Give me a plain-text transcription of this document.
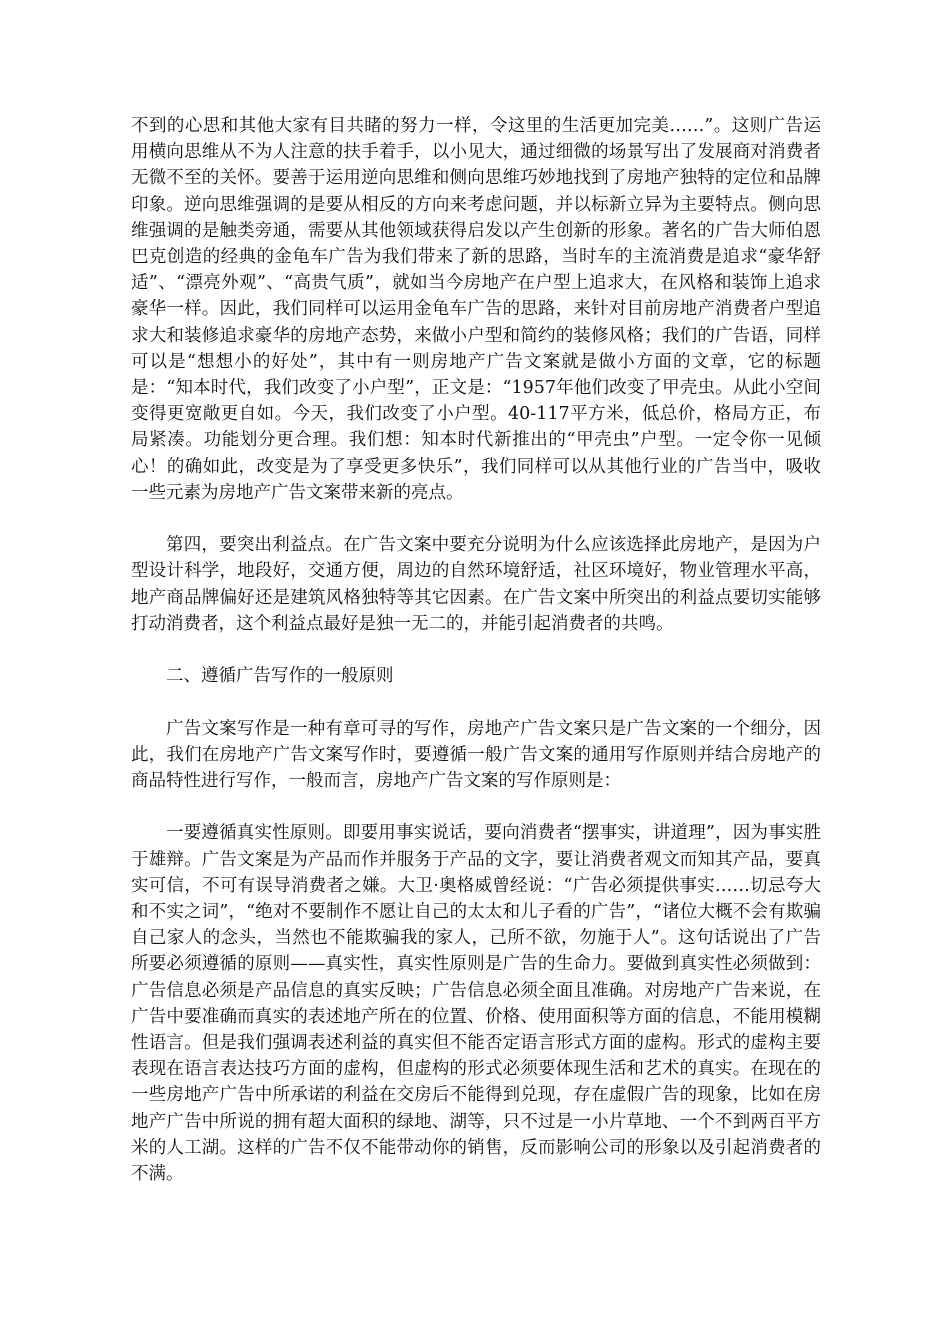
不到的心思和其他大家有目共睹的努力一样，令这里的生活更加完美……”。这则广告运用横向思维从不为人注意的扶手着手，以小见大，通过细微的场景写出了发展商对消费者无微不至的关怀。要善于运用逆向思维和侧向思维巧妙地找到了房地产独特的定位和品牌印象。逆向思维强调的是要从相反的方向来考虑问题，并以标新立异为主要特点。侧向思维强调的是触类旁通，需要从其他领域获得启发以产生创新的形象。著名的广告大师伯恩巴克创造的经典的金龟车广告为我们带来了新的思路，当时车的主流消费是追求“豪华舒适”、“漂亮外观”、“高贵气质”，就如当今房地产在户型上追求大，在风格和装饰上追求豪华一样。因此，我们同样可以运用金龟车广告的思路，来针对目前房地产消费者户型追求大和装修追求豪华的房地产态势，来做小户型和简约的装修风格；我们的广告语，同样可以是“想想小的好处”，其中有一则房地产广告文案就是做小方面的文章，它的标题是：“知本时代，我们改变了小户型”，正文是：“1957年他们改变了甲壳虫。从此小空间变得更宽敞更自如。今天，我们改变了小户型。40-117平方米，低总价，格局方正，布局紧凑。功能划分更合理。我们想：知本时代新推出的“甲壳虫”户型。一定令你一见倾心！的确如此，改变是为了享受更多快乐”，我们同样可以从其他行业的广告当中，吸收一些元素为房地产广告文案带来新的亮点。

第四，要突出利益点。在广告文案中要充分说明为什么应该选择此房地产，是因为户型设计科学，地段好，交通方便，周边的自然环境舒适，社区环境好，物业管理水平高，地产商品牌偏好还是建筑风格独特等其它因素。在广告文案中所突出的利益点要切实能够打动消费者，这个利益点最好是独一无二的，并能引起消费者的共鸣。

二、遵循广告写作的一般原则

广告文案写作是一种有章可寻的写作，房地产广告文案只是广告文案的一个细分，因此，我们在房地产广告文案写作时，要遵循一般广告文案的通用写作原则并结合房地产的商品特性进行写作，一般而言，房地产广告文案的写作原则是：

一要遵循真实性原则。即要用事实说话，要向消费者“摆事实，讲道理”，因为事实胜于雄辩。广告文案是为产品而作并服务于产品的文字，要让消费者观文而知其产品，要真实可信，不可有误导消费者之嫌。大卫·奥格威曾经说：“广告必须提供事实……切忌夸大和不实之词”，“绝对不要制作不愿让自己的太太和儿子看的广告”，“诸位大概不会有欺骗自己家人的念头，当然也不能欺骗我的家人，己所不欲，勿施于人”。这句话说出了广告所要必须遵循的原则——真实性，真实性原则是广告的生命力。要做到真实性必须做到：广告信息必须是产品信息的真实反映；广告信息必须全面且准确。对房地产广告来说，在广告中要准确而真实的表述地产所在的位置、价格、使用面积等方面的信息，不能用模糊性语言。但是我们强调表述利益的真实但不能否定语言形式方面的虚构。形式的虚构主要表现在语言表达技巧方面的虚构，但虚构的形式必须要体现生活和艺术的真实。在现在的一些房地产广告中所承诺的利益在交房后不能得到兑现，存在虚假广告的现象，比如在房地产广告中所说的拥有超大面积的绿地、湖等，只不过是一小片草地、一个不到两百平方米的人工湖。这样的广告不仅不能带动你的销售，反而影响公司的形象以及引起消费者的不满。
